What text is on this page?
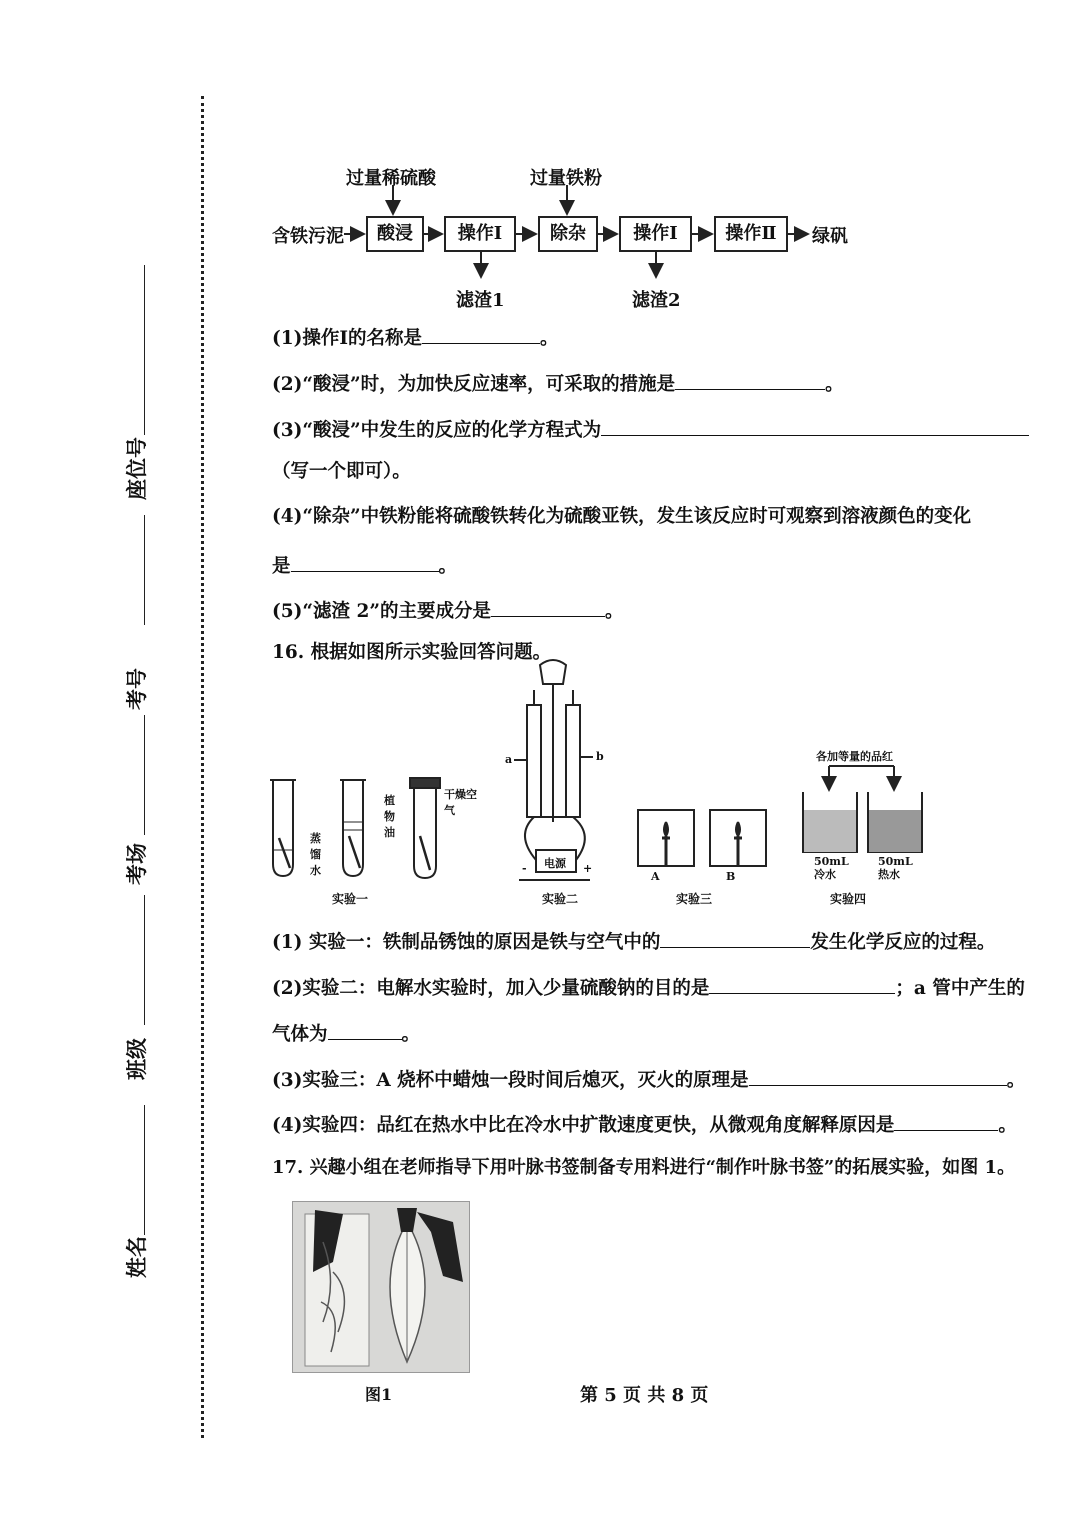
座位号
考号
考场
班级
姓名
过量稀硫酸	过量铁粉
含铁污泥	酸浸	操作Ⅰ	除杂	操作Ⅰ	操作Ⅱ	绿矾
滤渣1	滤渣2
(1)操作Ⅰ的名称是	。
(2)“酸浸”时，为加快反应速率，可采取的措施是	。
(3)“酸浸”中发生的反应的化学方程式为
（写一个即可）。
(4)“除杂”中铁粉能将硫酸铁转化为硫酸亚铁，发生该反应时可观察到溶液颜色的变化
是	。
(5)“滤渣 2”的主要成分是	。
16. 根据如图所示实验回答问题。
蒸馏水
植物油
干燥空气
a	b
电源
-	+
A	B
各加等量的品红
50mL
冷水
50mL
热水
实验一	实验二	实验三	实验四
(1) 实验一：铁制品锈蚀的原因是铁与空气中的	发生化学反应的过程。
(2)实验二：电解水实验时，加入少量硫酸钠的目的是	；a 管中产生的
气体为	。
(3)实验三：A 烧杯中蜡烛一段时间后熄灭，灭火的原理是	。
(4)实验四：品红在热水中比在冷水中扩散速度更快，从微观角度解释原因是	。
17. 兴趣小组在老师指导下用叶脉书签制备专用料进行“制作叶脉书签”的拓展实验，如图 1。
图1	第 5 页 共 8 页
